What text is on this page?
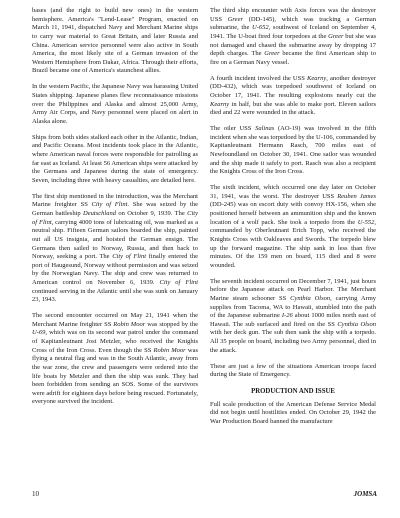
bases (and the right to build new ones) in the western hemisphere. America's "Lend-Lease" Program, enacted on March 11, 1941, dispatched Navy and Merchant Marine ships to carry war material to Great Britain, and later Russia and China. American service personnel were also active in South America, the most likely site of a German invasion of the Western Hemisphere from Dakar, Africa. Through their efforts, Brazil became one of America's staunchest allies.

In the western Pacific, the Japanese Navy was harassing United States shipping. Japanese planes flew reconnaissance missions over the Philippines and Alaska and almost 25,000 Army, Army Air Corps, and Navy personnel were placed on alert in Alaska alone.

Ships from both sides stalked each other in the Atlantic, Indian, and Pacific Oceans. Most incidents took place in the Atlantic, where American naval forces were responsible for patrolling as far east as Iceland. At least 56 American ships were attacked by the Germans and Japanese during the state of emergency. Seven, including three with heavy casualties, are detailed here.

The first ship mentioned in the introduction, was the Merchant Marine freighter SS City of Flint. She was seized by the German battleship Deutschland on October 9, 1939. The City of Flint, carrying 4000 tons of lubricating oil, was marked as a neutral ship. Fifteen German sailors boarded the ship, painted out all US insignia, and hoisted the German ensign. The Germans then sailed to Norway, Russia, and then back to Norway, seeking a port. The City of Flint finally entered the port of Haugesund, Norway without permission and was seized by the Norwegian Navy. The ship and crew was returned to American control on November 6, 1939. City of Flint continued serving in the Atlantic until she was sunk on January 23, 1943.

The second encounter occurred on May 21, 1941 when the Merchant Marine freighter SS Robin Moor was stopped by the U-69, which was on its second war patrol under the command of Kapitanleutnant Jost Metzler, who received the Knights Cross of the Iron Cross. Even though the SS Robin Moor was flying a neutral flag and was in the South Atlantic, away from the war zone, the crew and passengers were ordered into the life boats by Metzler and then the ship was sunk. They had been forbidden from sending an SOS. Some of the survivors were adrift for eighteen days before being rescued. Fortunately, everyone survived the incident.

The third ship encounter with Axis forces was the destroyer USS Greer (DD-145), which was tracking a German submarine, the U-652, southwest of Iceland on September 4, 1941. The U-boat fired four torpedoes at the Greer but she was not damaged and chased the submarine away by dropping 17 depth charges. The Greer became the first American ship to fire on a German Navy vessel.

A fourth incident involved the USS Kearny, another destroyer (DD-432), which was torpedoed southwest of Iceland on October 17, 1941. The resulting explosions nearly cut the Kearny in half, but she was able to make port. Eleven sailors died and 22 were wounded in the attack.

The oiler USS Salinas (AO-19) was involved in the fifth incident when she was torpedoed by the U-106, commanded by Kapitanleutnant Hermann Rasch, 700 miles east of Newfoundland on October 30, 1941. One sailor was wounded and the ship made it safely to port. Rasch was also a recipient the Knights Cross of the Iron Cross.

The sixth incident, which occurred one day later on October 31, 1941, was the worst. The destroyer USS Reuben James (DD-245) was on escort duty with convoy HX-156, when she positioned herself between an ammunition ship and the known location of a wolf pack. She took a torpedo from the U-552, commanded by Oberleutnant Erich Topp, who received the Knights Cross with Oakleaves and Swords. The torpedo blew up the forward magazine. The ship sank in less than five minutes. Of the 159 men on board, 115 died and 8 were wounded.

The seventh incident occurred on December 7, 1941, just hours before the Japanese attack on Pearl Harbor. The Merchant Marine steam schooner SS Cynthia Olson, carrying Army supplies from Tacoma, WA to Hawaii, stumbled into the path of the Japanese submarine I-26 about 1000 miles north east of Hawaii. The sub surfaced and fired on the SS Cynthia Olson with her deck gun. The sub then sank the ship with a torpedo. All 35 people on board, including two Army personnel, died in the attack.

These are just a few of the situations American troops faced during the State of Emergency.

PRODUCTION AND ISSUE

Full scale production of the American Defense Service Medal did not begin until hostilities ended. On October 29, 1942 the War Production Board banned the manufacture

10	JOMSA
